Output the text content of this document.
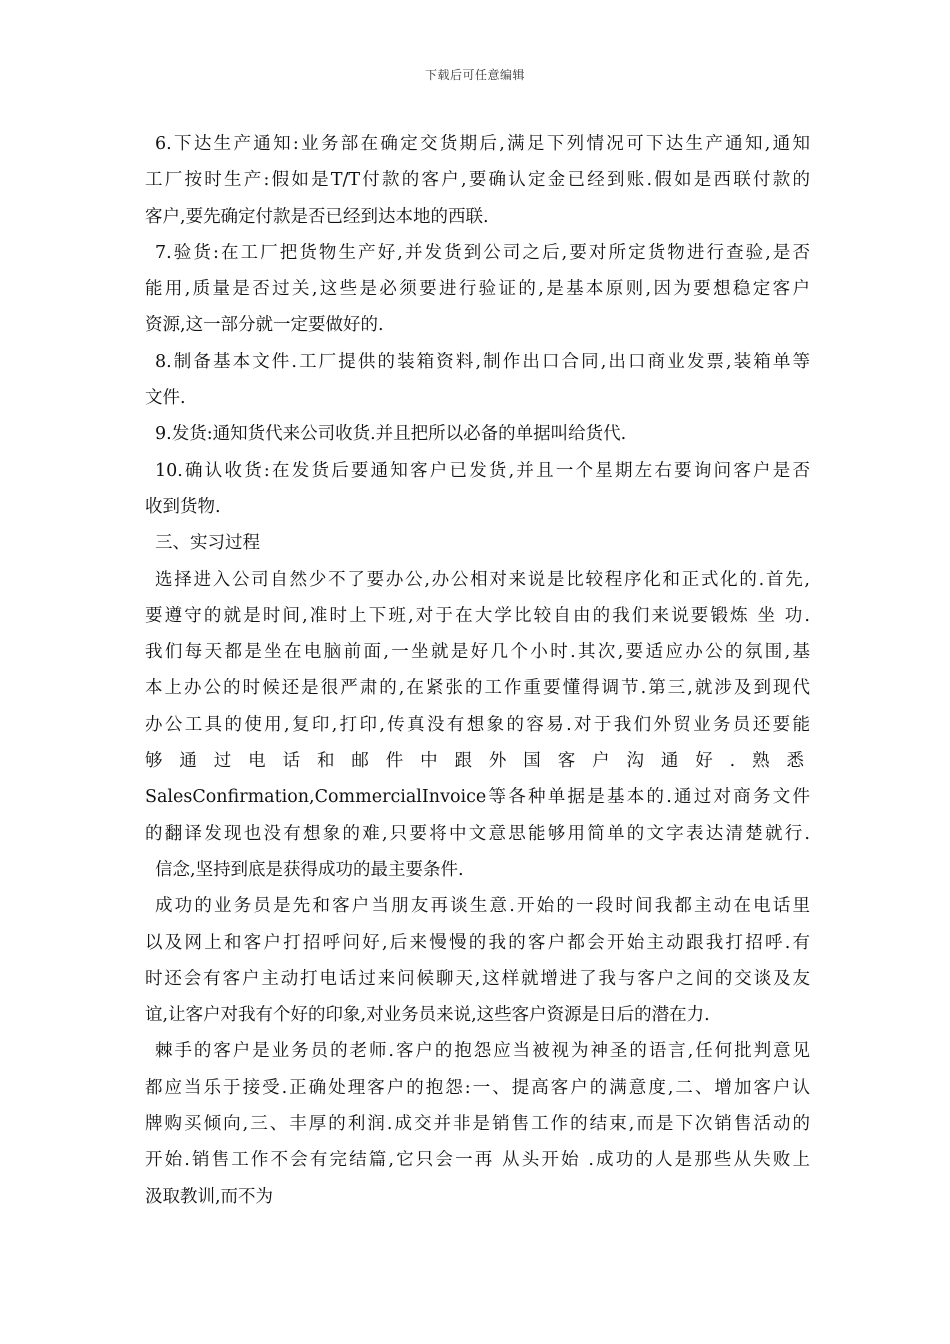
下载后可任意编辑
6.下达生产通知:业务部在确定交货期后,满足下列情况可下达生产通知,通知
工厂按时生产:假如是T/T付款的客户,要确认定金已经到账.假如是西联付款的
客户,要先确定付款是否已经到达本地的西联.
7.验货:在工厂把货物生产好,并发货到公司之后,要对所定货物进行查验,是否
能用,质量是否过关,这些是必须要进行验证的,是基本原则,因为要想稳定客户
资源,这一部分就一定要做好的.
8.制备基本文件.工厂提供的装箱资料,制作出口合同,出口商业发票,装箱单等
文件.
9.发货:通知货代来公司收货.并且把所以必备的单据叫给货代.
10.确认收货:在发货后要通知客户已发货,并且一个星期左右要询问客户是否
收到货物.
三、实习过程
选择进入公司自然少不了要办公,办公相对来说是比较程序化和正式化的.首先,
要遵守的就是时间,准时上下班,对于在大学比较自由的我们来说要锻炼 坐 功.
我们每天都是坐在电脑前面,一坐就是好几个小时.其次,要适应办公的氛围,基
本上办公的时候还是很严肃的,在紧张的工作重要懂得调节.第三,就涉及到现代
办公工具的使用,复印,打印,传真没有想象的容易.对于我们外贸业务员还要能
够通过电话和邮件中跟外国客户沟通好.熟悉
SalesConfirmation,CommercialInvoice等各种单据是基本的.通过对商务文件
的翻译发现也没有想象的难,只要将中文意思能够用简单的文字表达清楚就行.
信念,坚持到底是获得成功的最主要条件.
成功的业务员是先和客户当朋友再谈生意.开始的一段时间我都主动在电话里
以及网上和客户打招呼问好,后来慢慢的我的客户都会开始主动跟我打招呼.有
时还会有客户主动打电话过来问候聊天,这样就增进了我与客户之间的交谈及友
谊,让客户对我有个好的印象,对业务员来说,这些客户资源是日后的潜在力.
棘手的客户是业务员的老师.客户的抱怨应当被视为神圣的语言,任何批判意见
都应当乐于接受.正确处理客户的抱怨:一、提高客户的满意度,二、增加客户认
牌购买倾向,三、丰厚的利润.成交并非是销售工作的结束,而是下次销售活动的
开始.销售工作不会有完结篇,它只会一再 从头开始 .成功的人是那些从失败上
汲取教训,而不为
